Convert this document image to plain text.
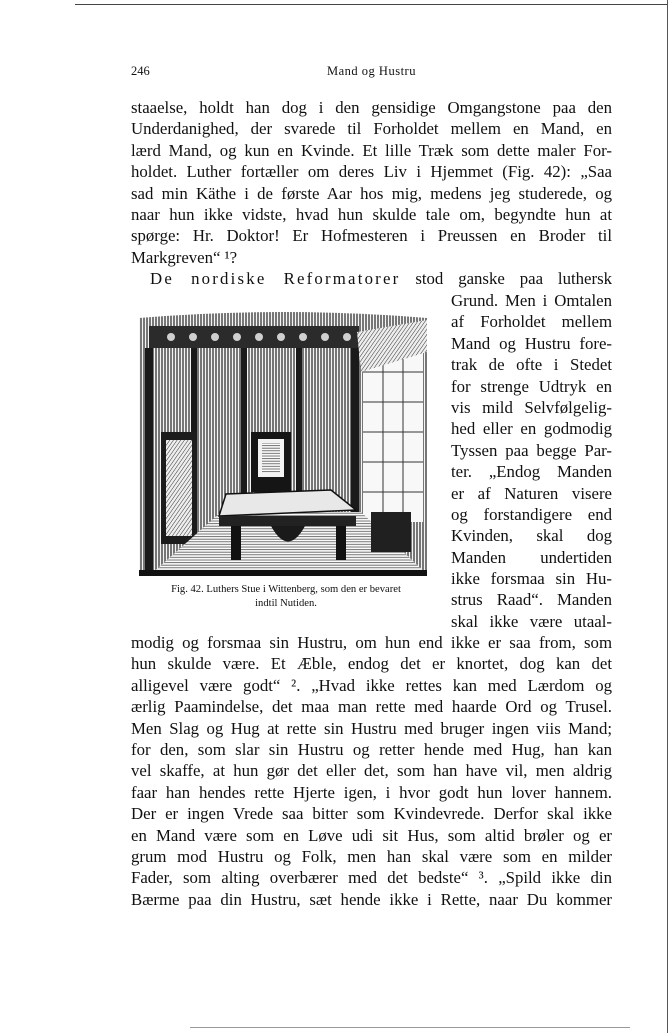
246	Mand og Hustru
staaelse, holdt han dog i den gensidige Omgangstone paa den
Underdanighed, der svarede til Forholdet mellem en Mand, en
lærd Mand, og kun en Kvinde. Et lille Træk som dette maler For-
holdet. Luther fortæller om deres Liv i Hjemmet (Fig. 42): „Saa
sad min Käthe i de første Aar hos mig, medens jeg studerede, og
naar hun ikke vidste, hvad hun skulde tale om, begyndte hun at
spørge: Hr. Doktor! Er Hofmesteren i Preussen en Broder til
Markgreven“ ¹?
De nordiske Reformatorer stod ganske paa luthersk
Fig. 42. Luthers Stue i Wittenberg, som den er bevaret
indtil Nutiden.
Grund. Men i Omtalen
af Forholdet mellem
Mand og Hustru fore-
trak de ofte i Stedet
for strenge Udtryk en
vis mild Selvfølgelig-
hed eller en godmodig
Tyssen paa begge Par-
ter. „Endog Manden
er af Naturen visere
og forstandigere end
Kvinden, skal dog
Manden undertiden
ikke forsmaa sin Hu-
strus Raad“. Manden
skal ikke være utaal-
modig og forsmaa sin Hustru, om hun end ikke er saa from, som
hun skulde være. Et Æble, endog det er knortet, dog kan det
alligevel være godt“ ². „Hvad ikke rettes kan med Lærdom og
ærlig Paamindelse, det maa man rette med haarde Ord og Trusel.
Men Slag og Hug at rette sin Hustru med bruger ingen viis Mand;
for den, som slar sin Hustru og retter hende med Hug, han kan
vel skaffe, at hun gør det eller det, som han have vil, men aldrig
faar han hendes rette Hjerte igen, i hvor godt hun lover hannem.
Der er ingen Vrede saa bitter som Kvindevrede. Derfor skal ikke
en Mand være som en Løve udi sit Hus, som altid brøler og er
grum mod Hustru og Folk, men han skal være som en milder
Fader, som alting overbærer med det bedste“ ³. „Spild ikke din
Bærme paa din Hustru, sæt hende ikke i Rette, naar Du kommer
